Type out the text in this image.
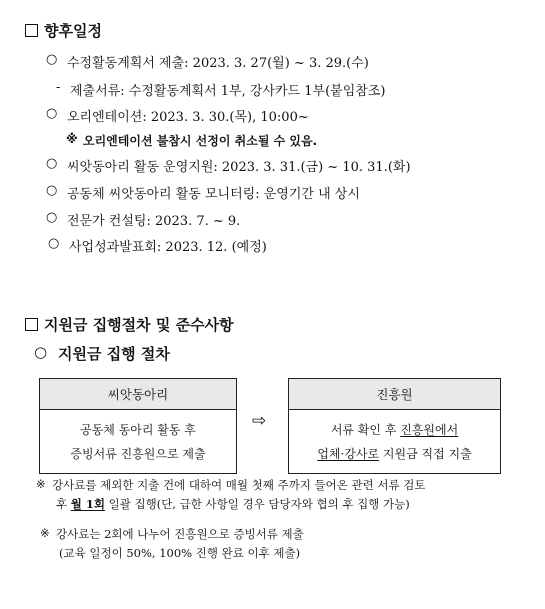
향후일정
○ 수정활동계획서 제출: 2023. 3. 27(월) ~ 3. 29.(수)
- 제출서류: 수정활동계획서 1부, 강사카드 1부(붙임참조)
○ 오리엔테이션: 2023. 3. 30.(목), 10:00~
※ 오리엔테이션 불참시 선정이 취소될 수 있음.
○ 씨앗동아리 활동 운영지원: 2023. 3. 31.(금) ~ 10. 31.(화)
○ 공동체 씨앗동아리 활동 모니터링: 운영기간 내 상시
○ 전문가 컨설팅: 2023. 7. ~ 9.
○ 사업성과발표회: 2023. 12. (예정)
지원금 집행절차 및 준수사항
○ 지원금 집행 절차
씨앗동아리
공동체 동아리 활동 후
증빙서류 진흥원으로 제출
⇨
진흥원
서류 확인 후 진흥원에서
업체·강사로 지원금 직접 지출
※ 강사료를 제외한 지출 건에 대하여 매월 첫째 주까지 들어온 관련 서류 검토
후 월 1회 일괄 집행(단, 급한 사항일 경우 담당자와 협의 후 집행 가능)
※ 강사료는 2회에 나누어 진흥원으로 증빙서류 제출
(교육 일정이 50%, 100% 진행 완료 이후 제출)
